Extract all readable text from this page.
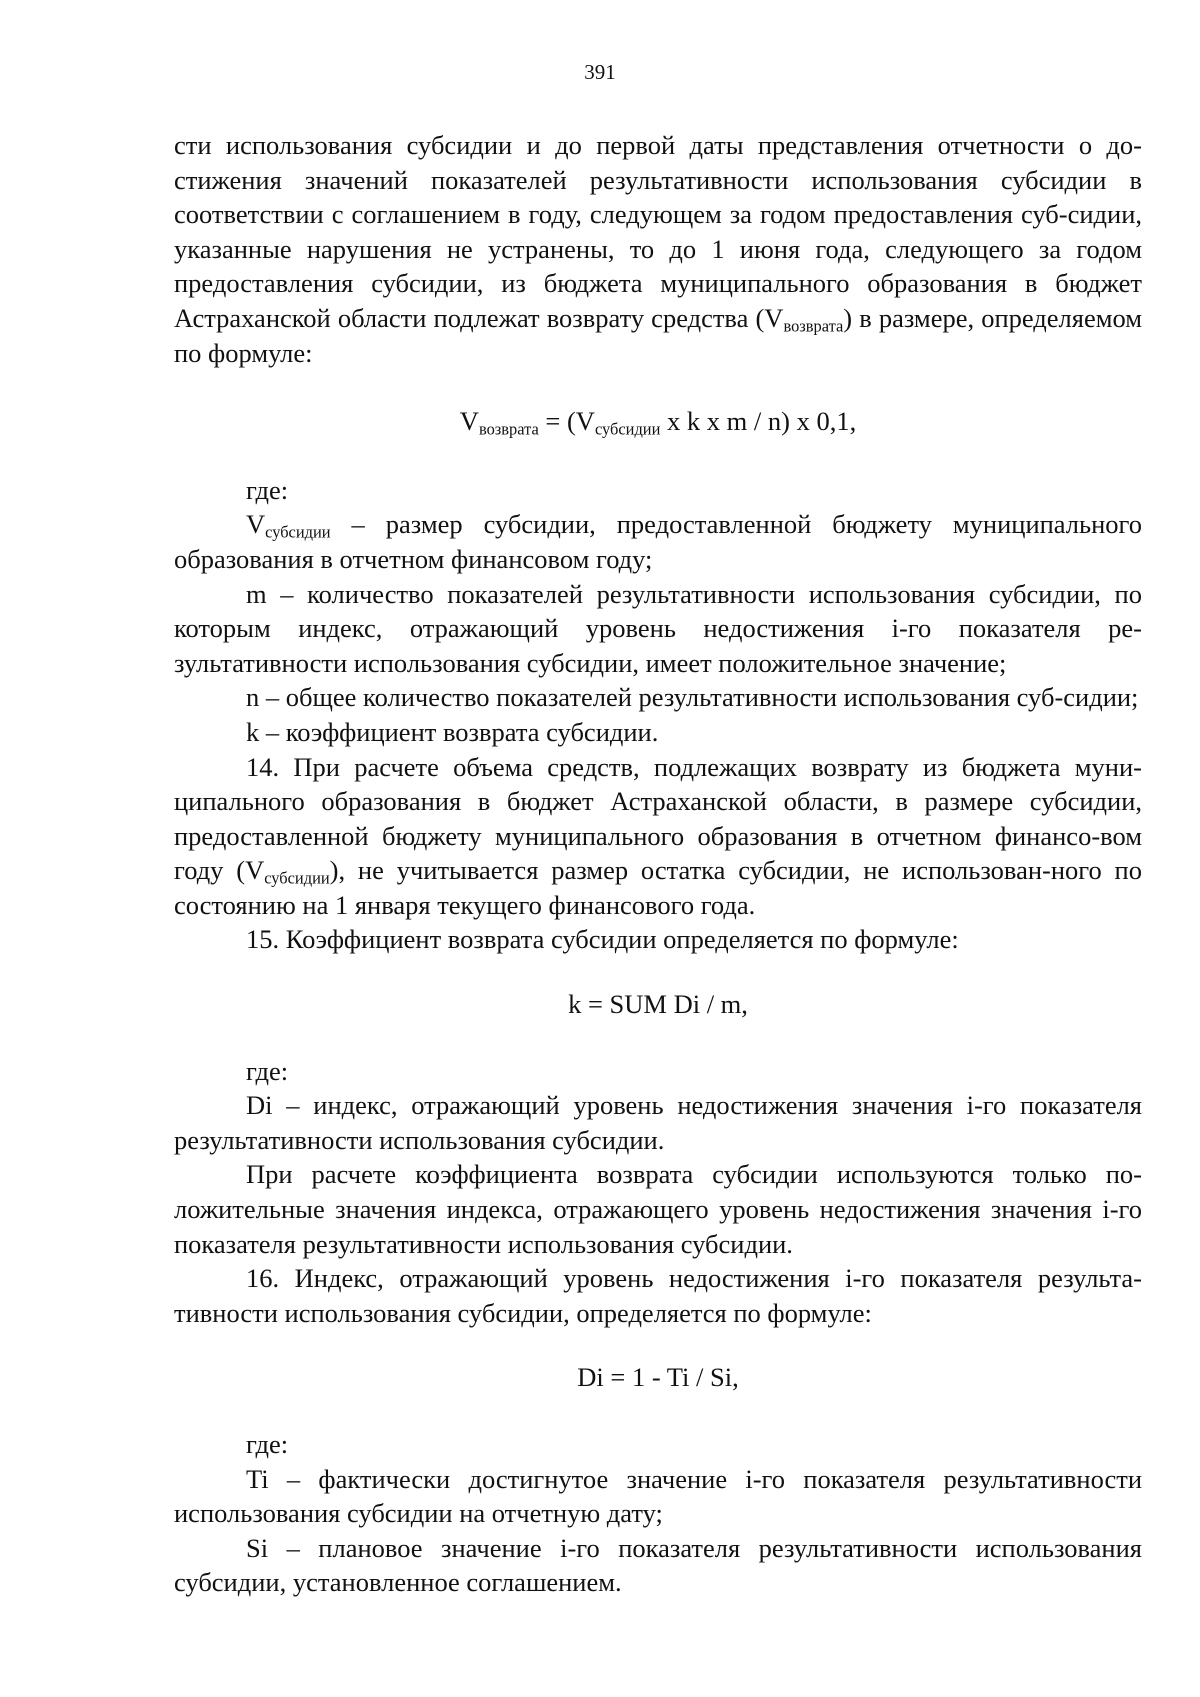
391

сти использования субсидии и до первой даты представления отчетности о до-стижения значений показателей результативности использования субсидии в соответствии с соглашением в году, следующем за годом предоставления суб-сидии, указанные нарушения не устранены, то до 1 июня года, следующего за годом предоставления субсидии, из бюджета муниципального образования в бюджет Астраханской области подлежат возврату средства $(V_{возврата})$ в размере, определяемом по формуле:

$V_{возврата} = (V_{субсидии}$ x k x m / n) x 0,1,

где:

$V_{субсидии}$ – размер субсидии, предоставленной бюджету муниципального образования в отчетном финансовом году;

m – количество показателей результативности использования субсидии, по которым индекс, отражающий уровень недостижения i-го показателя ре-зультативности использования субсидии, имеет положительное значение;

n – общее количество показателей результативности использования суб-сидии;

k – коэффициент возврата субсидии.

14. При расчете объема средств, подлежащих возврату из бюджета муни-ципального образования в бюджет Астраханской области, в размере субсидии, предоставленной бюджету муниципального образования в отчетном финансо-вом году $(V_{субсидии})$, не учитывается размер остатка субсидии, не использован-ного по состоянию на 1 января текущего финансового года.

15. Коэффициент возврата субсидии определяется по формуле:

k = SUM Di / m,

где:

Di – индекс, отражающий уровень недостижения значения i-го показателя результативности использования субсидии.

При расчете коэффициента возврата субсидии используются только по-ложительные значения индекса, отражающего уровень недостижения значения i-го показателя результативности использования субсидии.

16. Индекс, отражающий уровень недостижения i-го показателя результа-тивности использования субсидии, определяется по формуле:

Di = 1 - Ti / Si,

где:

Ti – фактически достигнутое значение i-го показателя результативности использования субсидии на отчетную дату;

Si – плановое значение i-го показателя результативности использования субсидии, установленное соглашением.
